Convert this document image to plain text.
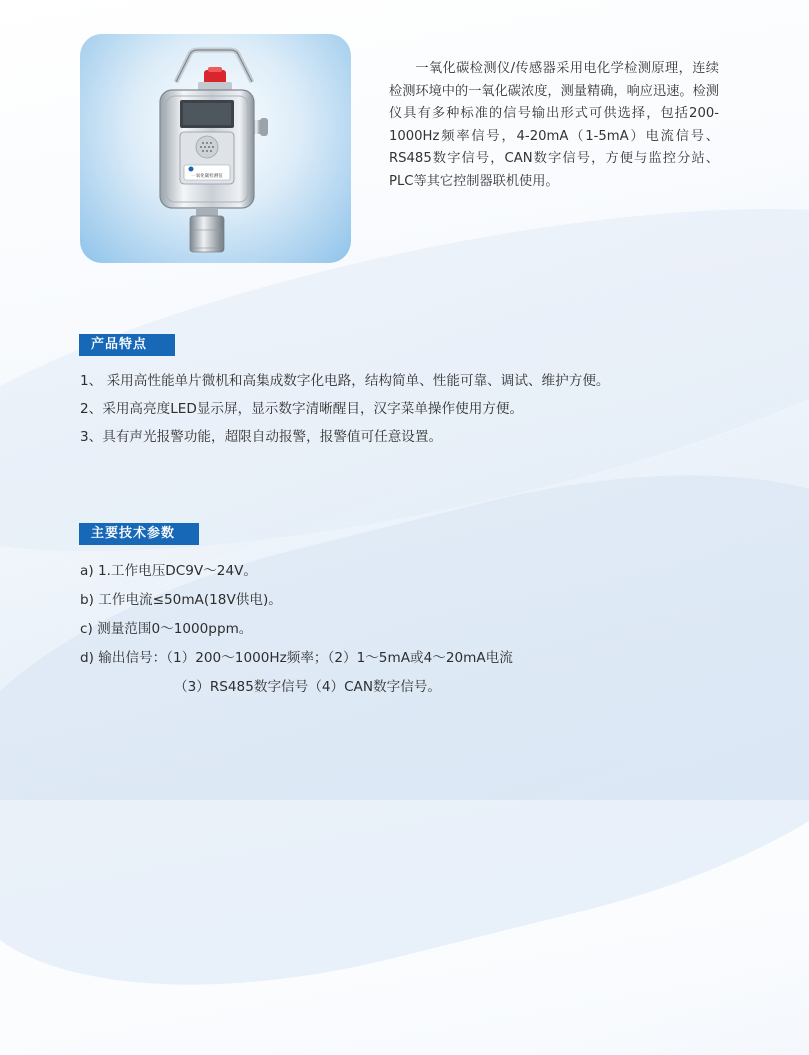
一氧化碳检测仪

一氧化碳检测仪/传感器采用电化学检测原理，连续检测环境中的一氧化碳浓度，测量精确，响应迅速。检测仪具有多种标准的信号输出形式可供选择，包括200-1000Hz频率信号，4-20mA（1-5mA）电流信号、RS485数字信号，CAN数字信号，方便与监控分站、PLC等其它控制器联机使用。

产品特点
1、 采用高性能单片微机和高集成数字化电路，结构简单、性能可靠、调试、维护方便。
2、采用高亮度LED显示屏，显示数字清晰醒目，汉字菜单操作使用方便。
3、具有声光报警功能，超限自动报警，报警值可任意设置。
主要技术参数
a) 1.工作电压DC9V～24V。
b) 工作电流≤50mA(18V供电)。
c) 测量范围0～1000ppm。
d) 输出信号：（1）200～1000Hz频率；（2）1～5mA或4～20mA电流
（3）RS485数字信号（4）CAN数字信号。
